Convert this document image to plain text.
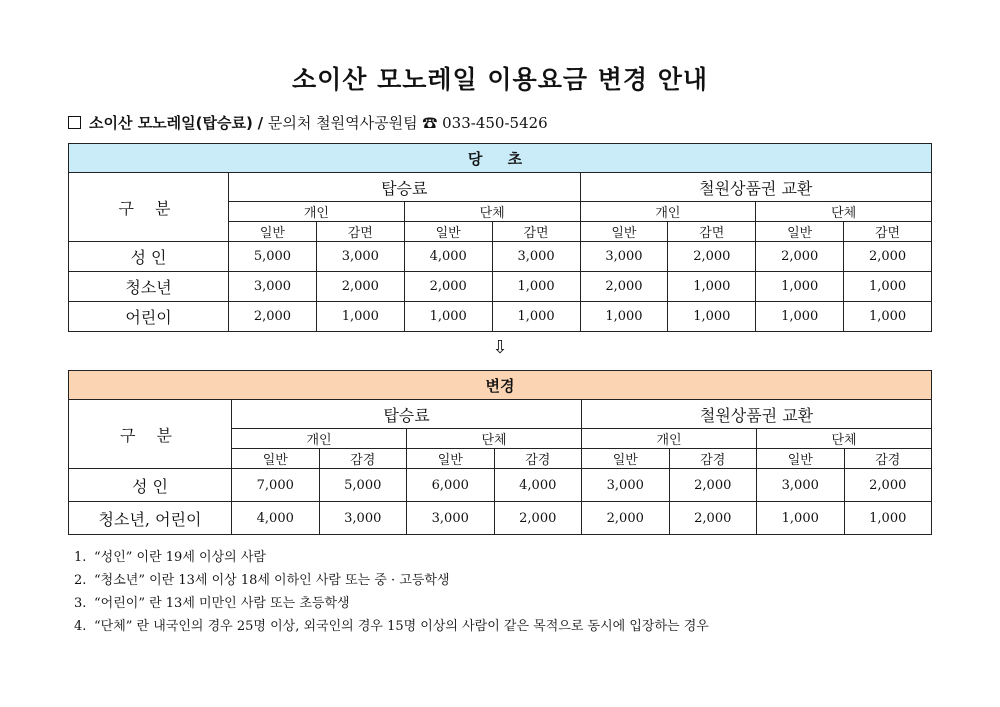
소이산 모노레일 이용요금 변경 안내
소이산 모노레일(탑승료) / 문의처 철원역사공원팀 ☎ 033-450-5426
당 초								
구 분	탑승료				철원상품권 교환			
	개인		단체		개인		단체	
	일반	감면	일반	감면	일반	감면	일반	감면
성 인	5,000	3,000	4,000	3,000	3,000	2,000	2,000	2,000
청소년	3,000	2,000	2,000	1,000	2,000	1,000	1,000	1,000
어린이	2,000	1,000	1,000	1,000	1,000	1,000	1,000	1,000
⇩
변경								
구 분	탑승료				철원상품권 교환			
	개인		단체		개인		단체	
	일반	감경	일반	감경	일반	감경	일반	감경
성 인	7,000	5,000	6,000	4,000	3,000	2,000	3,000	2,000
청소년, 어린이	4,000	3,000	3,000	2,000	2,000	2,000	1,000	1,000
1. “성인” 이란 19세 이상의 사람
2. “청소년” 이란 13세 이상 18세 이하인 사람 또는 중 · 고등학생
3. “어린이” 란 13세 미만인 사람 또는 초등학생
4. “단체” 란 내국인의 경우 25명 이상, 외국인의 경우 15명 이상의 사람이 같은 목적으로 동시에 입장하는 경우
